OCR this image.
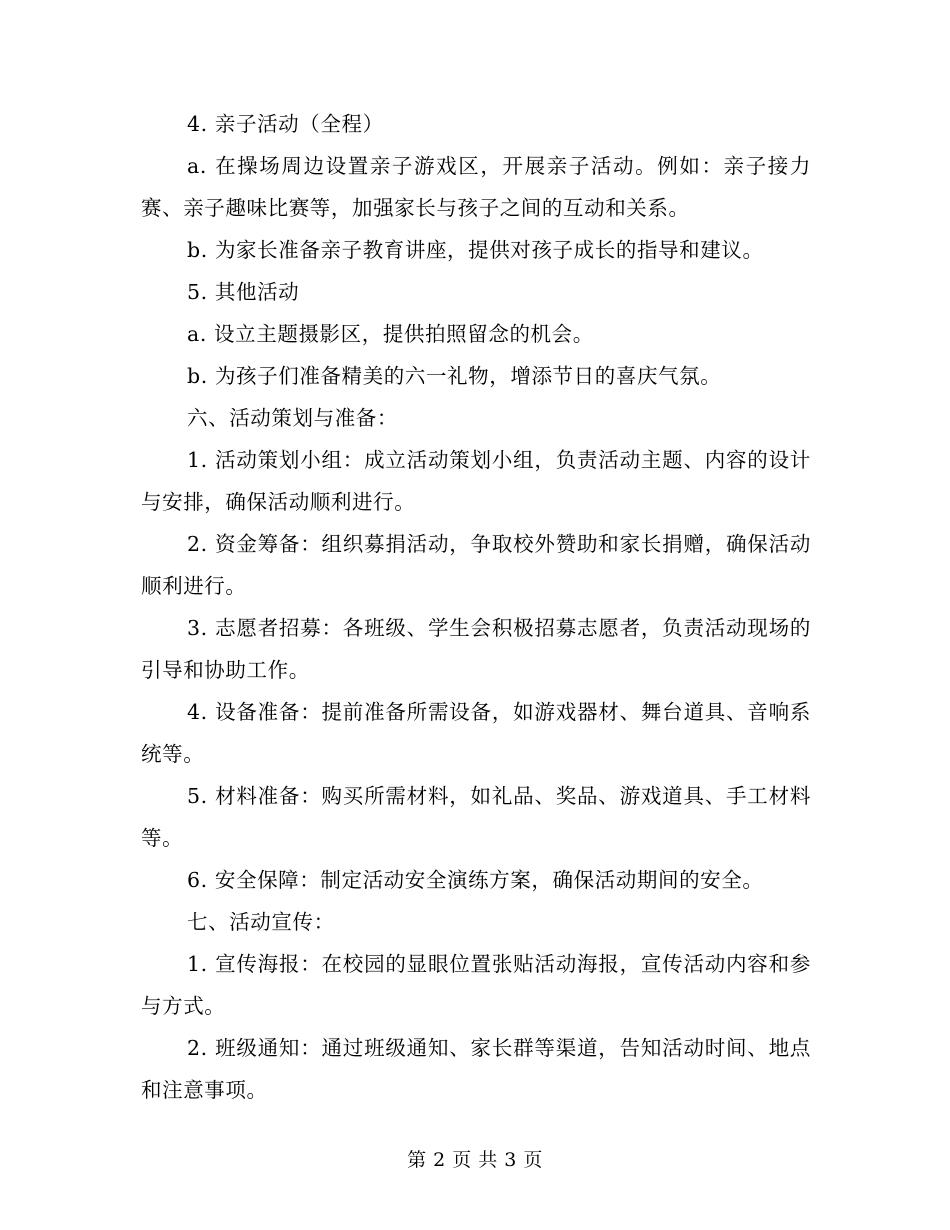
4. 亲子活动（全程）

a. 在操场周边设置亲子游戏区，开展亲子活动。例如：亲子接力赛、亲子趣味比赛等，加强家长与孩子之间的互动和关系。

b. 为家长准备亲子教育讲座，提供对孩子成长的指导和建议。

5. 其他活动

a. 设立主题摄影区，提供拍照留念的机会。

b. 为孩子们准备精美的六一礼物，增添节日的喜庆气氛。

六、活动策划与准备：

1. 活动策划小组：成立活动策划小组，负责活动主题、内容的设计与安排，确保活动顺利进行。

2. 资金筹备：组织募捐活动，争取校外赞助和家长捐赠，确保活动顺利进行。

3. 志愿者招募：各班级、学生会积极招募志愿者，负责活动现场的引导和协助工作。

4. 设备准备：提前准备所需设备，如游戏器材、舞台道具、音响系统等。

5. 材料准备：购买所需材料，如礼品、奖品、游戏道具、手工材料等。

6. 安全保障：制定活动安全演练方案，确保活动期间的安全。

七、活动宣传：

1. 宣传海报：在校园的显眼位置张贴活动海报，宣传活动内容和参与方式。

2. 班级通知：通过班级通知、家长群等渠道，告知活动时间、地点和注意事项。

第 2 页 共 3 页
